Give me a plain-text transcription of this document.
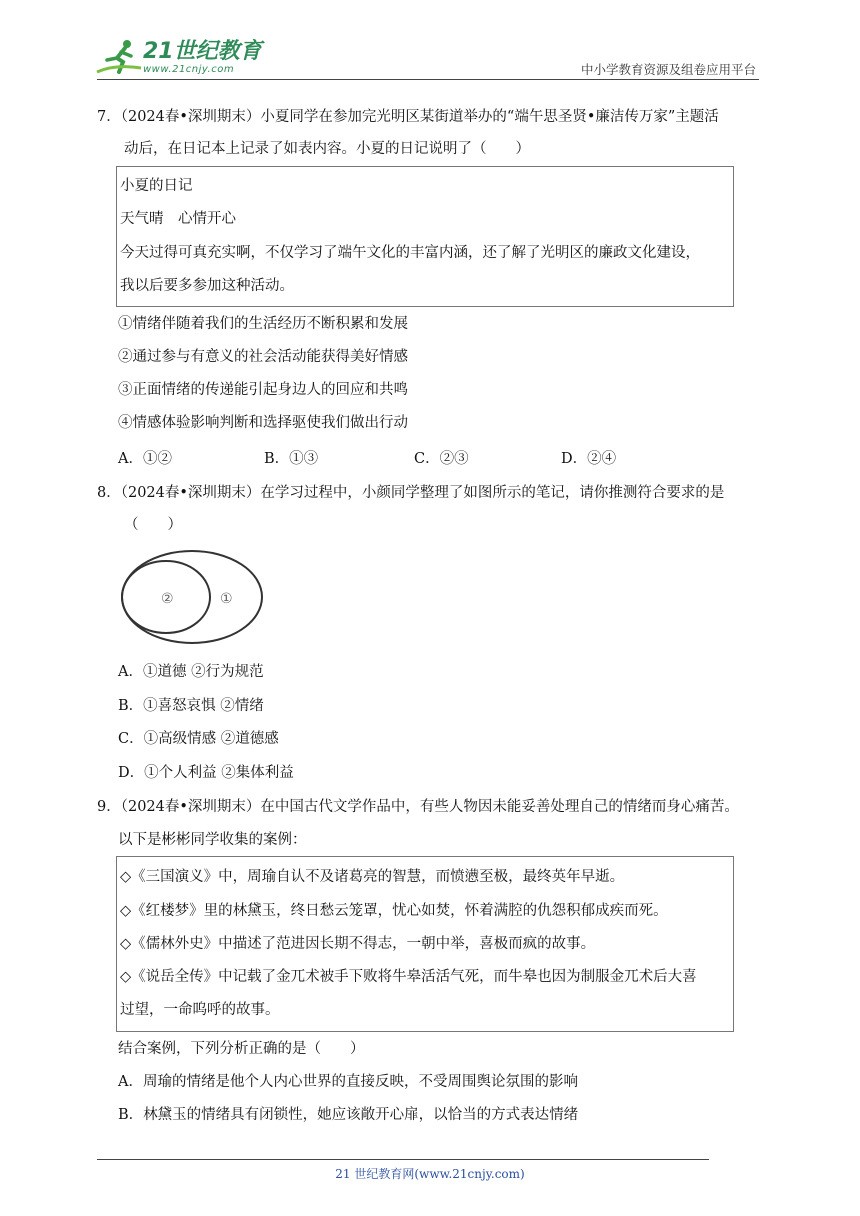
21世纪教育
www.21cnjy.com	中小学教育资源及组卷应用平台
7．（2024春•深圳期末）小夏同学在参加完光明区某街道举办的“端午思圣贤•廉洁传万家”主题活
动后，在日记本上记录了如表内容。小夏的日记说明了（　　）
小夏的日记
天气晴　心情开心
今天过得可真充实啊，不仅学习了端午文化的丰富内涵，还了解了光明区的廉政文化建设，
我以后要多参加这种活动。
①情绪伴随着我们的生活经历不断积累和发展
②通过参与有意义的社会活动能获得美好情感
③正面情绪的传递能引起身边人的回应和共鸣
④情感体验影响判断和选择驱使我们做出行动
A．①②	B．①③	C．②③	D．②④
8．（2024春•深圳期末）在学习过程中，小颜同学整理了如图所示的笔记，请你推测符合要求的是
（　　）
②	①
A．①道德 ②行为规范
B．①喜怒哀惧 ②情绪
C．①高级情感 ②道德感
D．①个人利益 ②集体利益
9．（2024春•深圳期末）在中国古代文学作品中，有些人物因未能妥善处理自己的情绪而身心痛苦。
以下是彬彬同学收集的案例：
◇《三国演义》中，周瑜自认不及诸葛亮的智慧，而愤懑至极，最终英年早逝。
◇《红楼梦》里的林黛玉，终日愁云笼罩，忧心如焚，怀着满腔的仇怨积郁成疾而死。
◇《儒林外史》中描述了范进因长期不得志，一朝中举，喜极而疯的故事。
◇《说岳全传》中记载了金兀术被手下败将牛皋活活气死，而牛皋也因为制服金兀术后大喜
过望，一命呜呼的故事。
结合案例，下列分析正确的是（　　）
A．周瑜的情绪是他个人内心世界的直接反映，不受周围舆论氛围的影响
B．林黛玉的情绪具有闭锁性，她应该敞开心扉，以恰当的方式表达情绪
21 世纪教育网(www.21cnjy.com)
